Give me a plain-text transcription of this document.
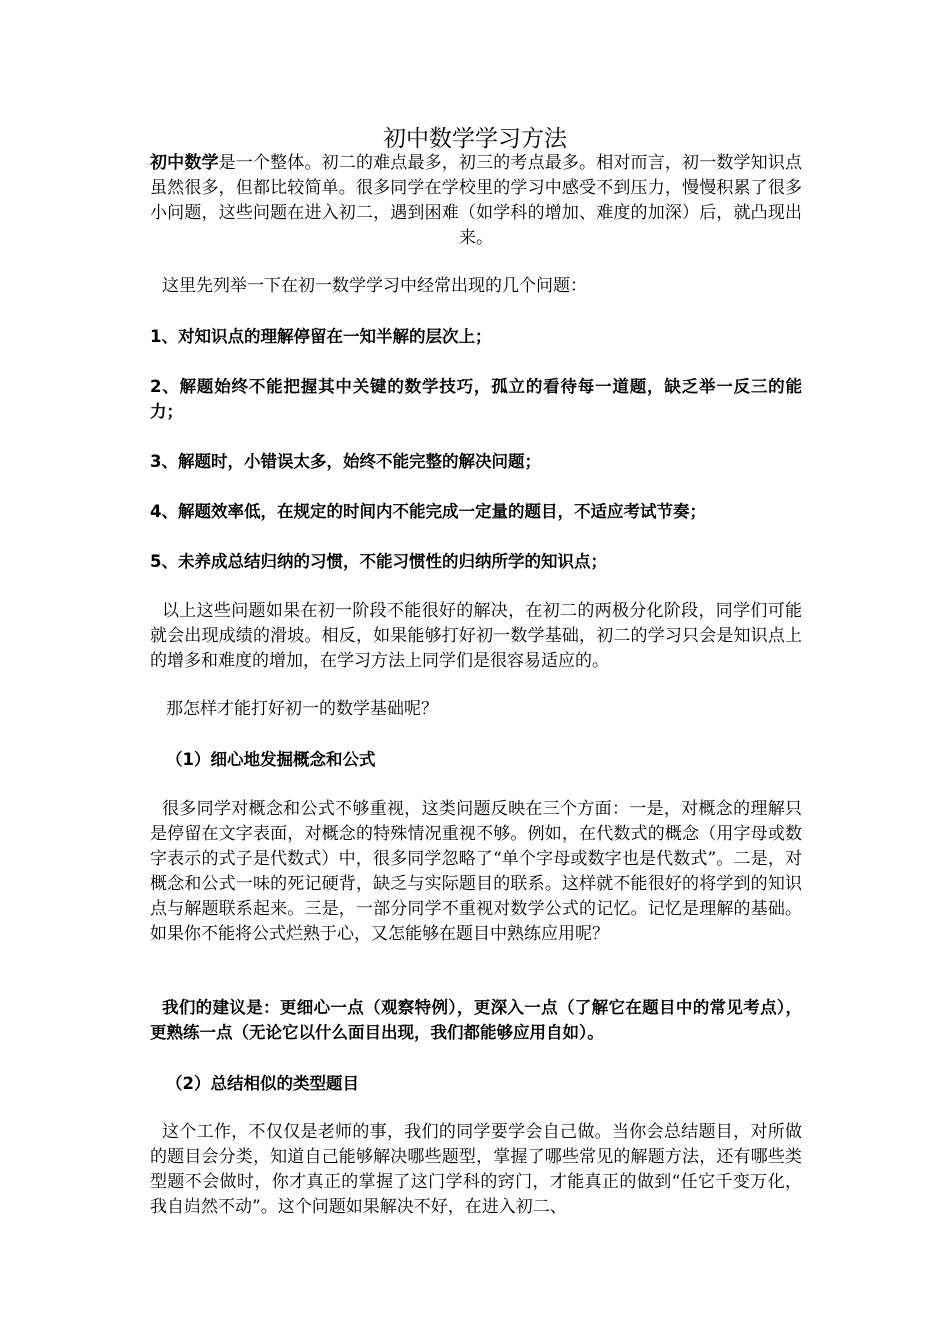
初中数学学习方法

初中数学是一个整体。初二的难点最多，初三的考点最多。相对而言，初一数学知识点虽然很多，但都比较简单。很多同学在学校里的学习中感受不到压力，慢慢积累了很多小问题，这些问题在进入初二，遇到困难（如学科的增加、难度的加深）后，就凸现出来。

这里先列举一下在初一数学学习中经常出现的几个问题：

1、对知识点的理解停留在一知半解的层次上；

2、解题始终不能把握其中关键的数学技巧，孤立的看待每一道题，缺乏举一反三的能力；

3、解题时，小错误太多，始终不能完整的解决问题；

4、解题效率低，在规定的时间内不能完成一定量的题目，不适应考试节奏；

5、未养成总结归纳的习惯，不能习惯性的归纳所学的知识点；

以上这些问题如果在初一阶段不能很好的解决，在初二的两极分化阶段，同学们可能就会出现成绩的滑坡。相反，如果能够打好初一数学基础，初二的学习只会是知识点上的增多和难度的增加，在学习方法上同学们是很容易适应的。

那怎样才能打好初一的数学基础呢？

（1）细心地发掘概念和公式

很多同学对概念和公式不够重视，这类问题反映在三个方面：一是，对概念的理解只是停留在文字表面，对概念的特殊情况重视不够。例如，在代数式的概念（用字母或数字表示的式子是代数式）中，很多同学忽略了“单个字母或数字也是代数式”。二是，对概念和公式一味的死记硬背，缺乏与实际题目的联系。这样就不能很好的将学到的知识点与解题联系起来。三是，一部分同学不重视对数学公式的记忆。记忆是理解的基础。如果你不能将公式烂熟于心，又怎能够在题目中熟练应用呢？

我们的建议是：更细心一点（观察特例），更深入一点（了解它在题目中的常见考点），更熟练一点（无论它以什么面目出现，我们都能够应用自如）。

（2）总结相似的类型题目

这个工作，不仅仅是老师的事，我们的同学要学会自己做。当你会总结题目，对所做的题目会分类，知道自己能够解决哪些题型，掌握了哪些常见的解题方法，还有哪些类型题不会做时，你才真正的掌握了这门学科的窍门，才能真正的做到“任它千变万化，我自岿然不动”。这个问题如果解决不好，在进入初二、
